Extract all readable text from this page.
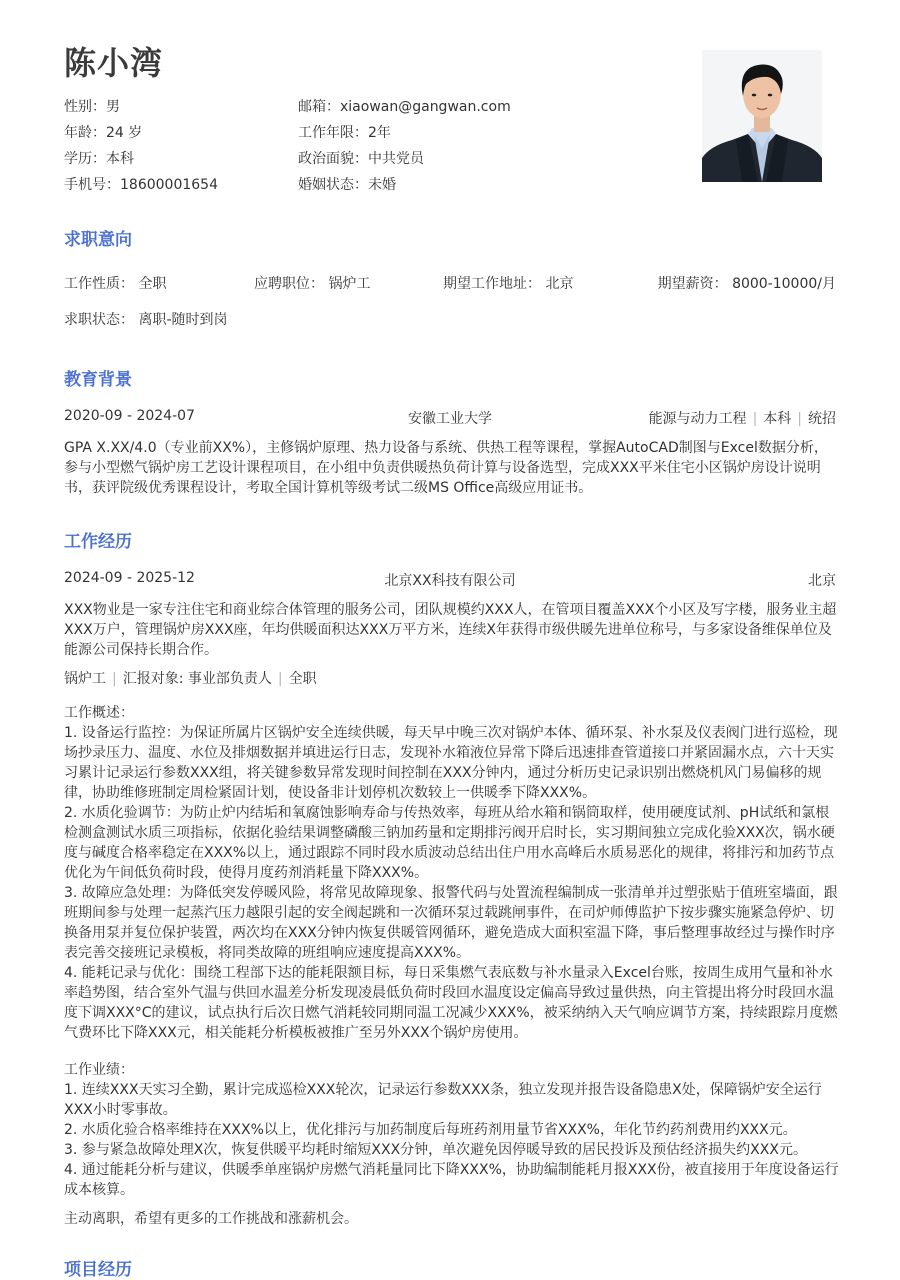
陈小湾
性别：男	邮箱：xiaowan@gangwan.com
年龄：24 岁	工作年限：2年
学历：本科	政治面貌：中共党员
手机号：18600001654	婚姻状态：未婚
求职意向
工作性质： 全职	应聘职位： 锅炉工	期望工作地址： 北京	期望薪资： 8000-10000/月
求职状态： 离职-随时到岗
教育背景
2020-09 - 2024-07	安徽工业大学	能源与动力工程 | 本科 | 统招
GPA X.XX/4.0（专业前XX%），主修锅炉原理、热力设备与系统、供热工程等课程，掌握AutoCAD制图与Excel数据分析，
参与小型燃气锅炉房工艺设计课程项目，在小组中负责供暖热负荷计算与设备选型，完成XXX平米住宅小区锅炉房设计说明
书，获评院级优秀课程设计，考取全国计算机等级考试二级MS Office高级应用证书。
工作经历
2024-09 - 2025-12	北京XX科技有限公司	北京
XXX物业是一家专注住宅和商业综合体管理的服务公司，团队规模约XXX人，在管项目覆盖XXX个小区及写字楼，服务业主超
XXX万户，管理锅炉房XXX座，年均供暖面积达XXX万平方米，连续X年获得市级供暖先进单位称号，与多家设备维保单位及
能源公司保持长期合作。
锅炉工 | 汇报对象: 事业部负责人 | 全职
工作概述：
1. 设备运行监控：为保证所属片区锅炉安全连续供暖，每天早中晚三次对锅炉本体、循环泵、补水泵及仪表阀门进行巡检，现
场抄录压力、温度、水位及排烟数据并填进运行日志，发现补水箱液位异常下降后迅速排查管道接口并紧固漏水点，六十天实
习累计记录运行参数XXX组，将关键参数异常发现时间控制在XXX分钟内，通过分析历史记录识别出燃烧机风门易偏移的规
律，协助维修班制定周检紧固计划，使设备非计划停机次数较上一供暖季下降XXX%。
2. 水质化验调节：为防止炉内结垢和氧腐蚀影响寿命与传热效率，每班从给水箱和锅筒取样，使用硬度试剂、pH试纸和氯根
检测盒测试水质三项指标，依据化验结果调整磷酸三钠加药量和定期排污阀开启时长，实习期间独立完成化验XXX次，锅水硬
度与碱度合格率稳定在XXX%以上，通过跟踪不同时段水质波动总结出住户用水高峰后水质易恶化的规律，将排污和加药节点
优化为午间低负荷时段，使得月度药剂消耗量下降XXX%。
3. 故障应急处理：为降低突发停暖风险，将常见故障现象、报警代码与处置流程编制成一张清单并过塑张贴于值班室墙面，跟
班期间参与处理一起蒸汽压力越限引起的安全阀起跳和一次循环泵过载跳闸事件，在司炉师傅监护下按步骤实施紧急停炉、切
换备用泵并复位保护装置，两次均在XXX分钟内恢复供暖管网循环，避免造成大面积室温下降，事后整理事故经过与操作时序
表完善交接班记录模板，将同类故障的班组响应速度提高XXX%。
4. 能耗记录与优化：围绕工程部下达的能耗限额目标，每日采集燃气表底数与补水量录入Excel台账，按周生成用气量和补水
率趋势图，结合室外气温与供回水温差分析发现凌晨低负荷时段回水温度设定偏高导致过量供热，向主管提出将分时段回水温
度下调XXX°C的建议，试点执行后次日燃气消耗较同期同温工况减少XXX%，被采纳纳入天气响应调节方案，持续跟踪月度燃
气费环比下降XXX元，相关能耗分析模板被推广至另外XXX个锅炉房使用。
工作业绩：
1. 连续XXX天实习全勤，累计完成巡检XXX轮次，记录运行参数XXX条，独立发现并报告设备隐患X处，保障锅炉安全运行
XXX小时零事故。
2. 水质化验合格率维持在XXX%以上，优化排污与加药制度后每班药剂用量节省XXX%，年化节约药剂费用约XXX元。
3. 参与紧急故障处理X次，恢复供暖平均耗时缩短XXX分钟，单次避免因停暖导致的居民投诉及预估经济损失约XXX元。
4. 通过能耗分析与建议，供暖季单座锅炉房燃气消耗量同比下降XXX%，协助编制能耗月报XXX份，被直接用于年度设备运行
成本核算。
主动离职，希望有更多的工作挑战和涨薪机会。
项目经历
